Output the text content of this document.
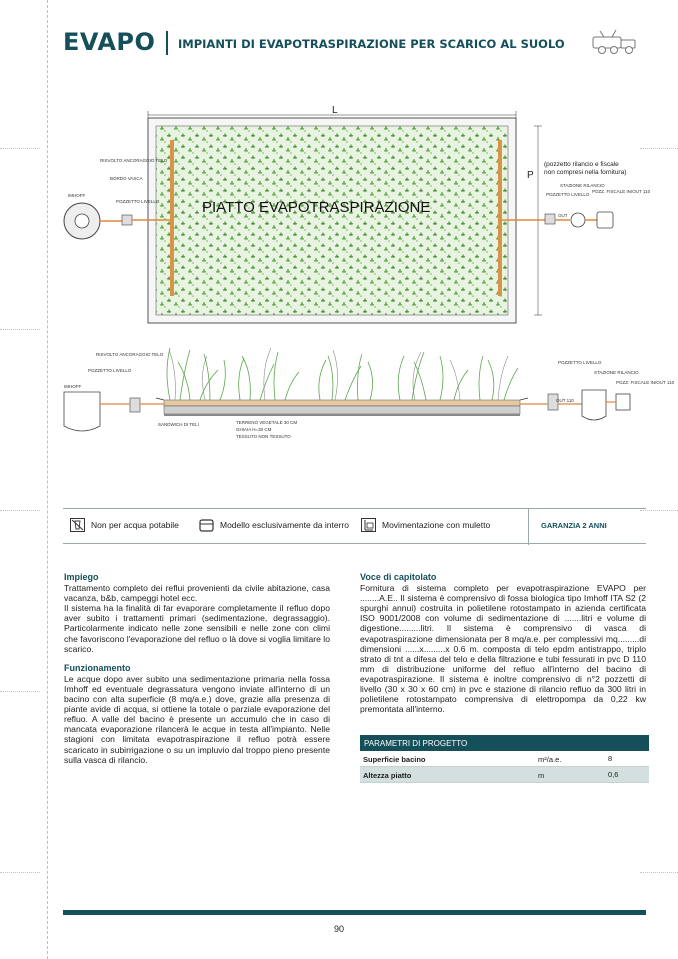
EVAPO IMPIANTI DI EVAPOTRASPIRAZIONE PER SCARICO AL SUOLO
L
PIATTO EVAPOTRASPIRAZIONE
P
(pozzetto rilancio e fiscale
non compresi nella fornitura)
IMHOFF
POZZETTO LIVELLO
RISVOLTO ANCORAGGIO TELO
BORDO VASCA
POZZETTO LIVELLO
STAZIONE RILANCIO
POZZ. FISCALE IN/OUT 110
OUT
IMHOFF
POZZETTO LIVELLO
RISVOLTO ANCORAGGIO TELO
SANDWICH DI TELI	TERRENO VEGETALE 30 CM
GHIAIA H=30 CM
TESSUTO NON TESSUTO
POZZETTO LIVELLO
STAZIONE RILANCIO
POZZ. FISCALE IN/OUT 110
OUT 110
Non per acqua potabile	Modello esclusivamente da interro	Movimentazione con muletto	GARANZIA 2 ANNI
Impiego

Trattamento completo dei reflui provenienti da civile abitazione, casa vacanza, b&b, campeggi hotel ecc.

Il sistema ha la finalità di far evaporare completamente il refluo dopo aver subito i trattamenti primari (sedimentazione, degrassaggio). Particolarmente indicato nelle zone sensibili e nelle zone con climi che favoriscono l'evaporazione del refluo o là dove si voglia limitare lo scarico.

Funzionamento

Le acque dopo aver subito una sedimentazione primaria nella fossa Imhoff ed eventuale degrassatura vengono inviate all'interno di un bacino con alta superficie (8 mq/a.e.) dove, grazie alla presenza di piante avide di acqua, si ottiene la totale o parziale evaporazione del refluo. A valle del bacino è presente un accumulo che in caso di mancata evaporazione rilancerà le acque in testa all'impianto. Nelle stagioni con limitata evapotraspirazione il refluo potrà essere scaricato in subirrigazione o su un impluvio dal troppo pieno presente sulla vasca di rilancio.

Voce di capitolato

Fornitura di sistema completo per evapotraspirazione EVAPO per ........A.E.. Il sistema è comprensivo di fossa biologica tipo Imhoff ITA S2 (2 spurghi annui) costruita in polietilene rotostampato in azienda certificata ISO 9001/2008 con volume di sedimentazione di .......litri e volume di digestione.........litri. Il sistema è comprensivo di vasca di evapotraspirazione dimensionata per 8 mq/a.e. per complessivi mq.........di dimensioni ......x.........x 0.6 m. composta di telo epdm antistrappo, triplo strato di tnt a difesa del telo e della filtrazione e tubi fessurati in pvc D 110 mm di distribuzione uniforme del refluo all'interno del bacino di evapotraspirazione. Il sistema è inoltre comprensivo di n°2 pozzetti di livello (30 x 30 x 60 cm) in pvc e stazione di rilancio refluo da 300 litri in polietilene rotostampato comprensiva di elettropompa da 0,22 kw premontata all'interno.

PARAMETRI DI PROGETTO
Superficie bacino	m²/a.e.	8
Altezza piatto	m	0,6
90
